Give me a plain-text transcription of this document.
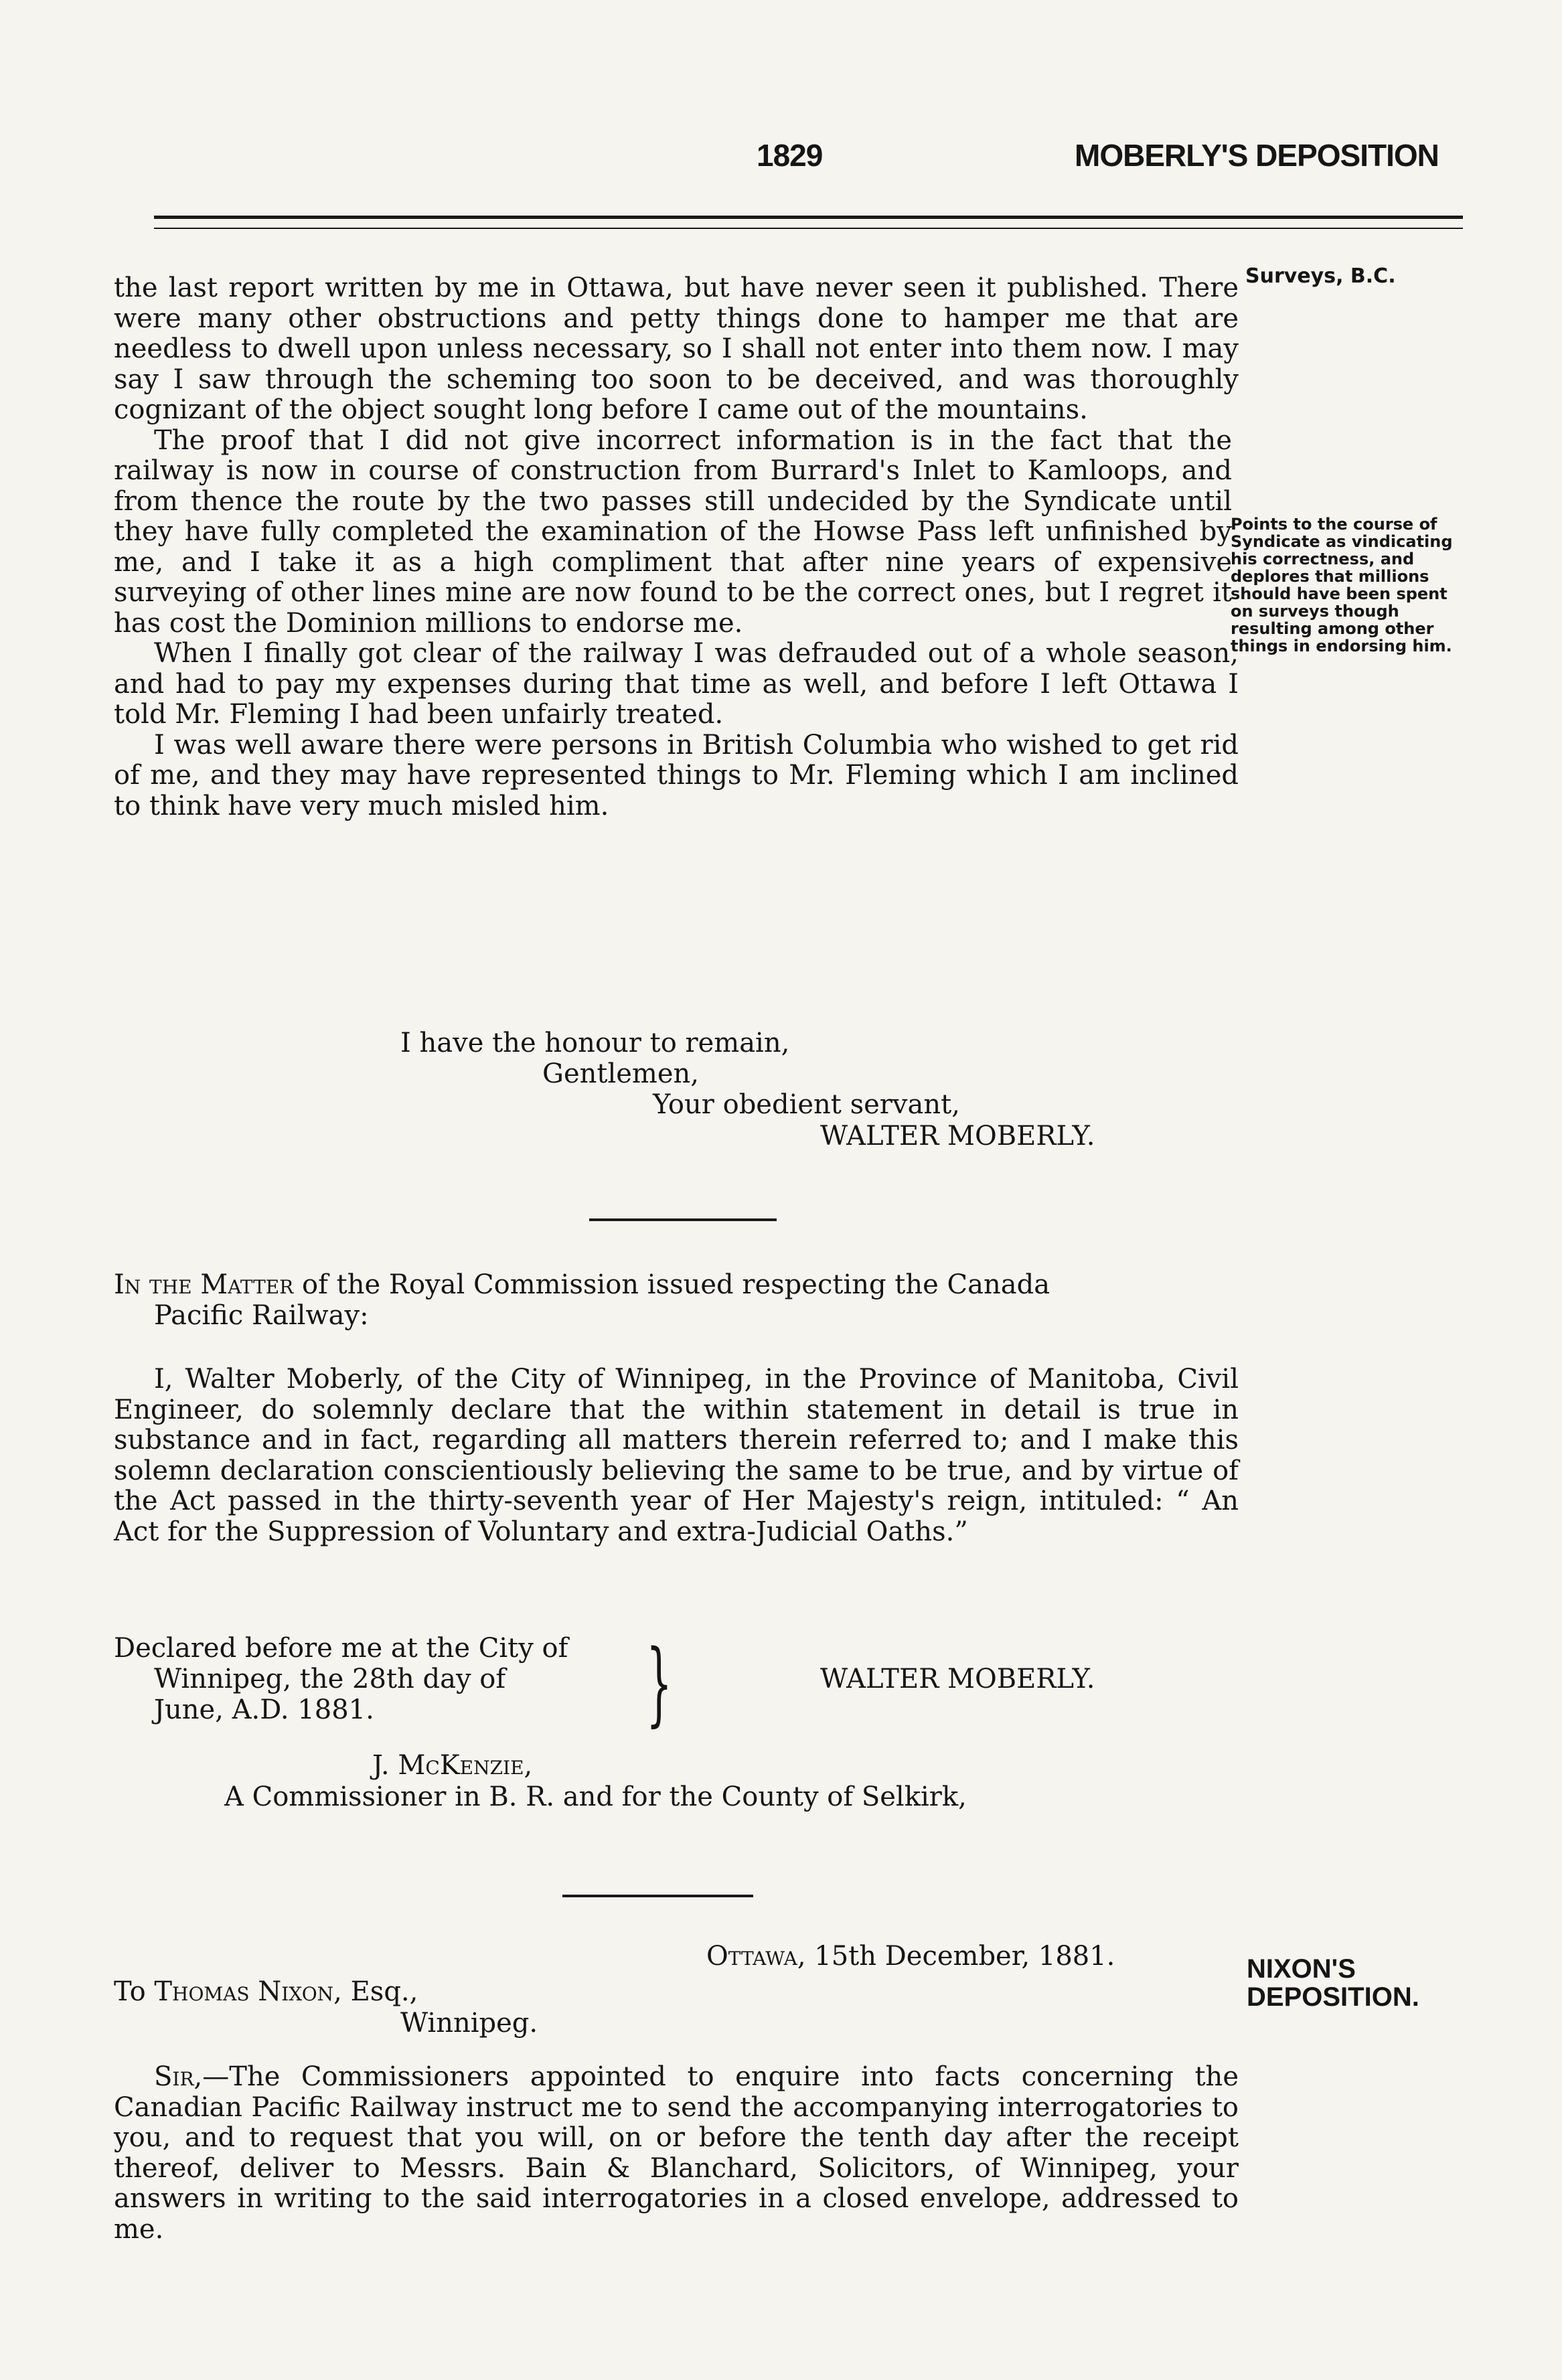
1829	MOBERLY'S DEPOSITION
Surveys, B.C.

the last report written by me in Ottawa, but have never seen it published. There were many other obstructions and petty things done to hamper me that are needless to dwell upon unless necessary, so I shall not enter into them now. I may say I saw through the scheming too soon to be deceived, and was thoroughly cognizant of the object sought long before I came out of the mountains.

The proof that I did not give incorrect information is in the fact that the railway is now in course of construction from Burrard's Inlet to Kamloops, and from thence the route by the two passes still undecided by the Syndicate until they have fully completed the examination of the Howse Pass left unfinished by me, and I take it as a high compliment that after nine years of expensive surveying of other lines mine are now found to be the correct ones, but I regret it has cost the Dominion millions to endorse me.

When I finally got clear of the railway I was defrauded out of a whole season, and had to pay my expenses during that time as well, and before I left Ottawa I told Mr. Fleming I had been unfairly treated.

I was well aware there were persons in British Columbia who wished to get rid of me, and they may have represented things to Mr. Fleming which I am inclined to think have very much misled him.

Points to the course of Syndicate as vindicating his correctness, and deplores that millions should have been spent on surveys though resulting among other things in endorsing him.
I have the honour to remain,
Gentlemen,
Your obedient servant,
WALTER MOBERLY.

In the Matter of the Royal Commission issued respecting the Canada

Pacific Railway:

I, Walter Moberly, of the City of Winnipeg, in the Province of Manitoba, Civil Engineer, do solemnly declare that the within statement in detail is true in substance and in fact, regarding all matters therein referred to; and I make this solemn declaration conscientiously believing the same to be true, and by virtue of the Act passed in the thirty-seventh year of Her Majesty's reign, intituled: “ An Act for the Suppression of Voluntary and extra-Judicial Oaths.”

Declared before me at the City of
Winnipeg, the 28th day of
June, A.D. 1881.	}	WALTER MOBERLY.
J. McKenzie,
A Commissioner in B. R. and for the County of Selkirk,
Ottawa, 15th December, 1881.	NIXON'S
DEPOSITION.
To Thomas Nixon, Esq.,
Winnipeg.

Sir,—The Commissioners appointed to enquire into facts concerning the Canadian Pacific Railway instruct me to send the accompanying interrogatories to you, and to request that you will, on or before the tenth day after the receipt thereof, deliver to Messrs. Bain & Blanchard, Solicitors, of Winnipeg, your answers in writing to the said interrogatories in a closed envelope, addressed to me.
